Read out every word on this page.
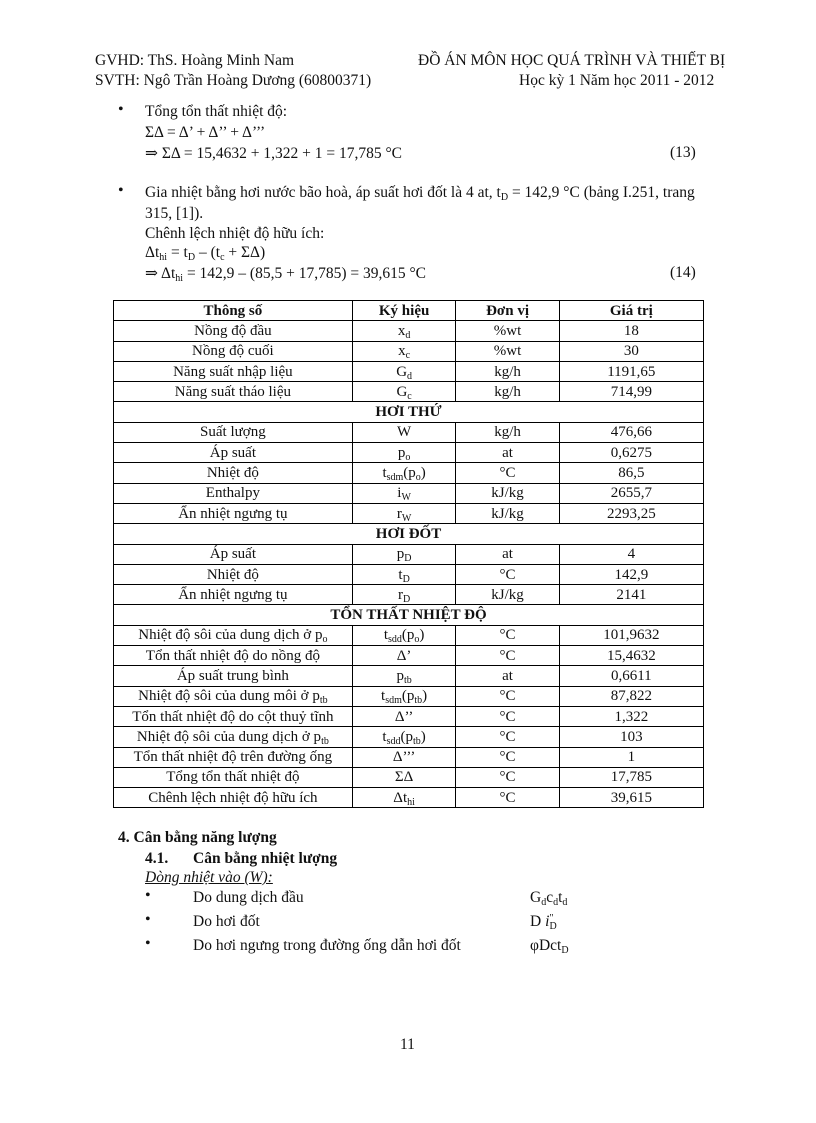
GVHD: ThS. Hoàng Minh Nam
SVTH: Ngô Trần Hoàng Dương (60800371)
ĐỒ ÁN MÔN HỌC QUÁ TRÌNH VÀ THIẾT BỊ
Học kỳ 1 Năm học 2011 - 2012
• Tổng tổn thất nhiệt độ:
ΣΔ = Δ’ + Δ’’ + Δ’’’
⇒ ΣΔ = 15,4632 + 1,322 + 1 = 17,785 °C	(13)
• Gia nhiệt bằng hơi nước bão hoà, áp suất hơi đốt là 4 at, $t_D = 142,9$ °C (bảng I.251, trang
315, [1]).
Chênh lệch nhiệt độ hữu ích:
$\Delta t_{hi} = t_D - (t_c + \Sigma\Delta)$
⇒ $\Delta t_{hi} = 142,9 - (85,5 + 17,785) = 39,615$ °C	(14)
Thông số	Ký hiệu	Đơn vị	Giá trị
Nồng độ đầu	$x_d$	%wt	18
Nồng độ cuối	$x_c$	%wt	30
Năng suất nhập liệu	$G_d$	kg/h	1191,65
Năng suất tháo liệu	$G_c$	kg/h	714,99
HƠI THỨ			
Suất lượng	W	kg/h	476,66
Áp suất	$p_o$	at	0,6275
Nhiệt độ	$t_{sdm}(p_o)$	°C	86,5
Enthalpy	$i_W$	kJ/kg	2655,7
Ẩn nhiệt ngưng tụ	$r_W$	kJ/kg	2293,25
HƠI ĐỐT			
Áp suất	$p_D$	at	4
Nhiệt độ	$t_D$	°C	142,9
Ẩn nhiệt ngưng tụ	$r_D$	kJ/kg	2141
TỔN THẤT NHIỆT ĐỘ			
Nhiệt độ sôi của dung dịch ở $p_o$	$t_{sdd}(p_o)$	°C	101,9632
Tổn thất nhiệt độ do nồng độ	Δ’	°C	15,4632
Áp suất trung bình	$p_{tb}$	at	0,6611
Nhiệt độ sôi của dung môi ở $p_{tb}$	$t_{sdm}(p_{tb})$	°C	87,822
Tổn thất nhiệt độ do cột thuỷ tĩnh	Δ’’	°C	1,322
Nhiệt độ sôi của dung dịch ở $p_{tb}$	$t_{sdd}(p_{tb})$	°C	103
Tổn thất nhiệt độ trên đường ống	Δ’’’	°C	1
Tổng tổn thất nhiệt độ	ΣΔ	°C	17,785
Chênh lệch nhiệt độ hữu ích	$\Delta t_{hi}$	°C	39,615
4. Cân bằng năng lượng
4.1. Cân bằng nhiệt lượng
Dòng nhiệt vào (W):
•	Do dung dịch đầu	$G_dc_dt_d$
•	Do hơi đốt	D $i^"_D$
•	Do hơi ngưng trong đường ống dẫn hơi đốt	φDct$_D$
11
